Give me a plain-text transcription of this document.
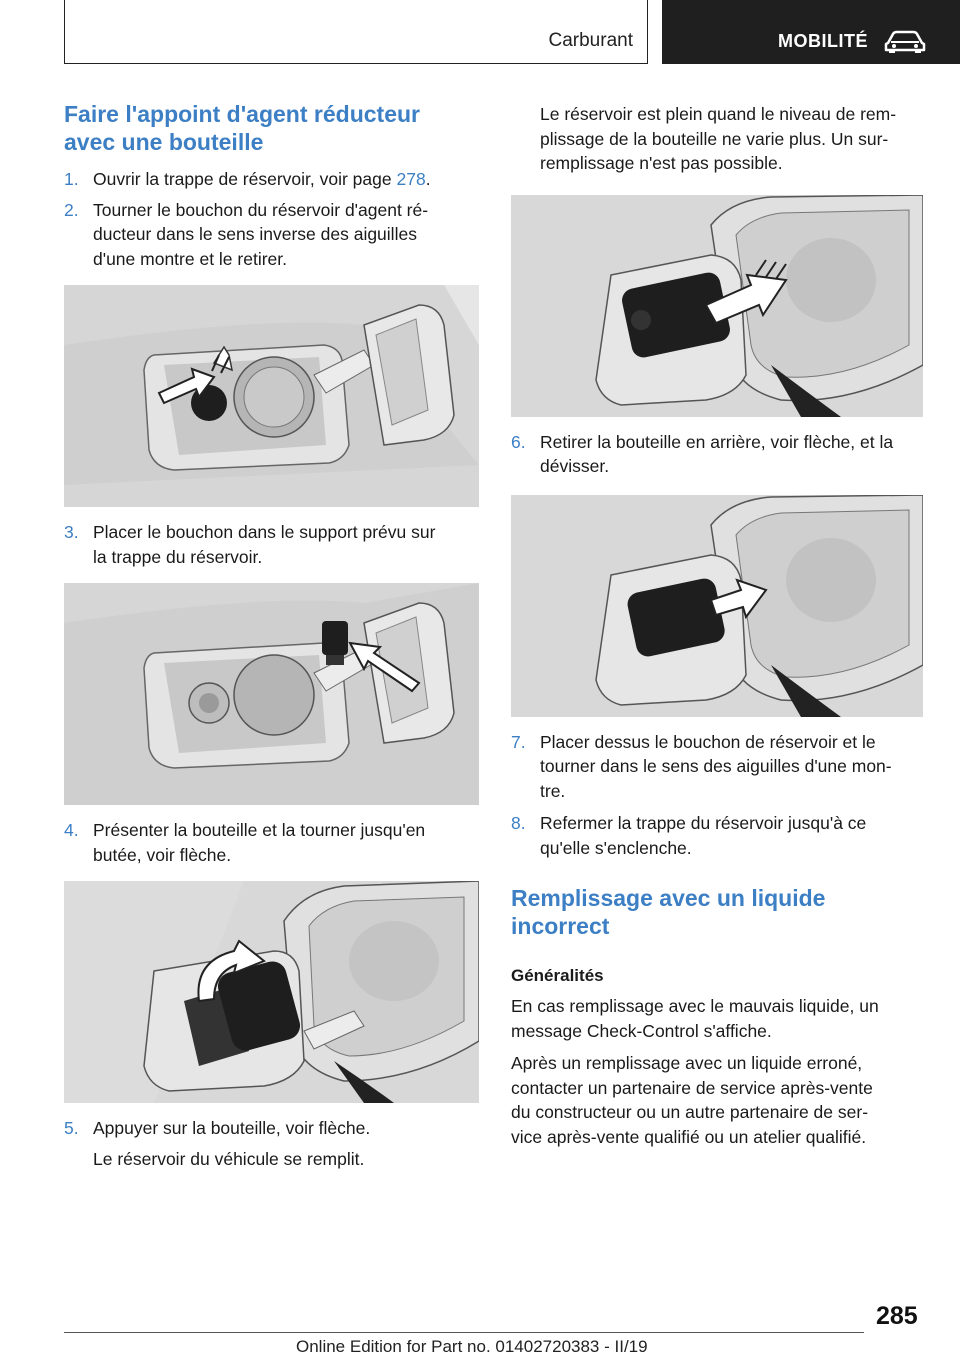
Carburant	MOBILITÉ
Faire l'appoint d'agent réducteur
avec une bouteille
1. Ouvrir la trappe de réservoir, voir page 278.
2. Tourner le bouchon du réservoir d'agent ré‐
ducteur dans le sens inverse des aiguilles
d'une montre et le retirer.
3. Placer le bouchon dans le support prévu sur
la trappe du réservoir.
4. Présenter la bouteille et la tourner jusqu'en
butée, voir flèche.
5. Appuyer sur la bouteille, voir flèche.
Le réservoir du véhicule se remplit.
Le réservoir est plein quand le niveau de rem‐
plissage de la bouteille ne varie plus. Un sur‐
remplissage n'est pas possible.
6. Retirer la bouteille en arrière, voir flèche, et la
dévisser.
7. Placer dessus le bouchon de réservoir et le
tourner dans le sens des aiguilles d'une mon‐
tre.
8. Refermer la trappe du réservoir jusqu'à ce
qu'elle s'enclenche.
Remplissage avec un liquide
incorrect
Généralités
En cas remplissage avec le mauvais liquide, un
message Check-Control s'affiche.
Après un remplissage avec un liquide erroné,
contacter un partenaire de service après-vente
du constructeur ou un autre partenaire de ser‐
vice après-vente qualifié ou un atelier qualifié.
285
Online Edition for Part no. 01402720383 - II/19
